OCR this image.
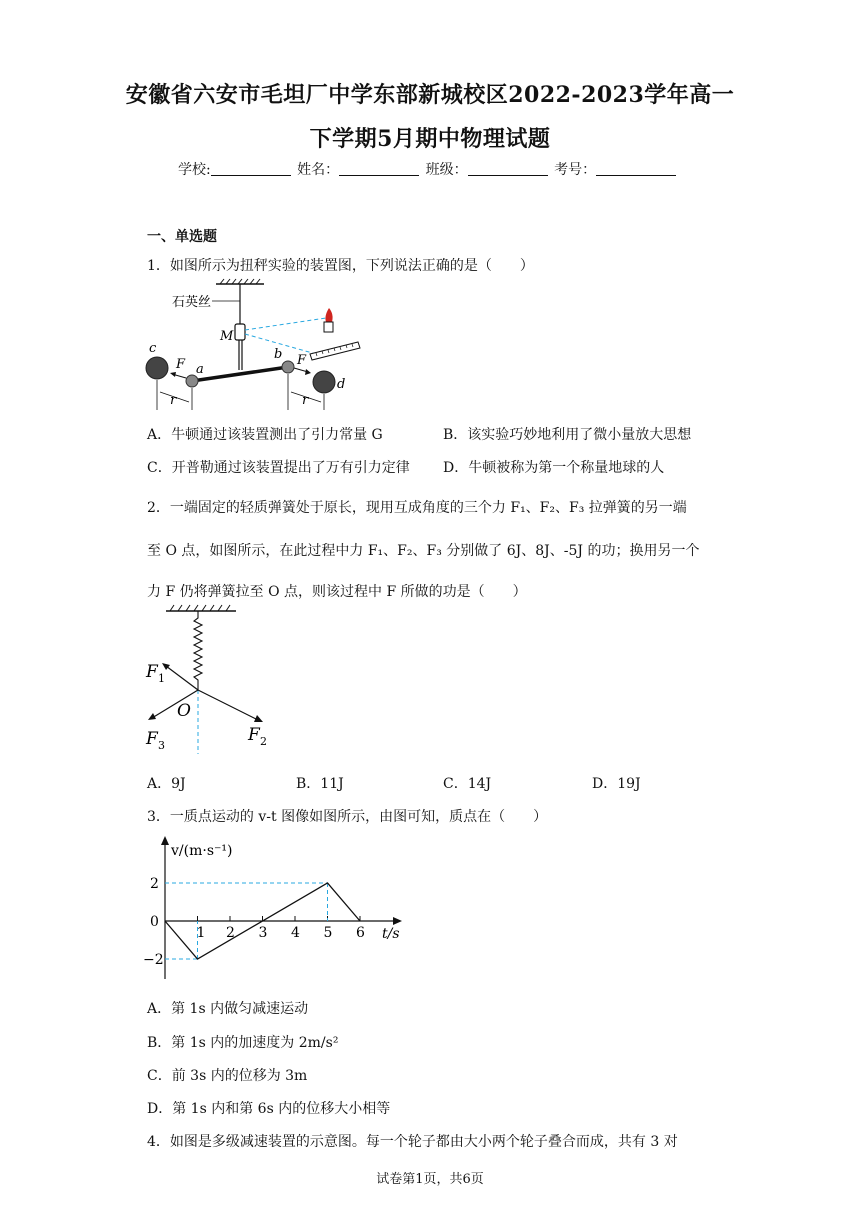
安徽省六安市毛坦厂中学东部新城校区2022-2023学年高一
下学期5月期中物理试题
学校:	姓名：	班级：	考号：
一、单选题
1．如图所示为扭秤实验的装置图，下列说法正确的是（　　）
石英丝
M
a
b
c
d
F	F
r	r
A．牛顿通过该装置测出了引力常量 G	B．该实验巧妙地利用了微小量放大思想
C．开普勒通过该装置提出了万有引力定律 D．牛顿被称为第一个称量地球的人
2．一端固定的轻质弹簧处于原长，现用互成角度的三个力 F₁、F₂、F₃ 拉弹簧的另一端
至 O 点，如图所示，在此过程中力 F₁、F₂、F₃ 分别做了 6J、8J、-5J 的功；换用另一个
力 F 仍将弹簧拉至 O 点，则该过程中 F 所做的功是（　　）
F 1
O
F 3
F 2
A．9J	B．11J	C．14J	D．19J
3．一质点运动的 v-t 图像如图所示，由图可知，质点在（　　）
v/(m·s⁻¹)
t/s
1 2 3 4 5 6
2
0
−2
A．第 1s 内做匀减速运动
B．第 1s 内的加速度为 2m/s²
C．前 3s 内的位移为 3m
D．第 1s 内和第 6s 内的位移大小相等
4．如图是多级减速装置的示意图。每一个轮子都由大小两个轮子叠合而成，共有 3 对
试卷第1页，共6页
